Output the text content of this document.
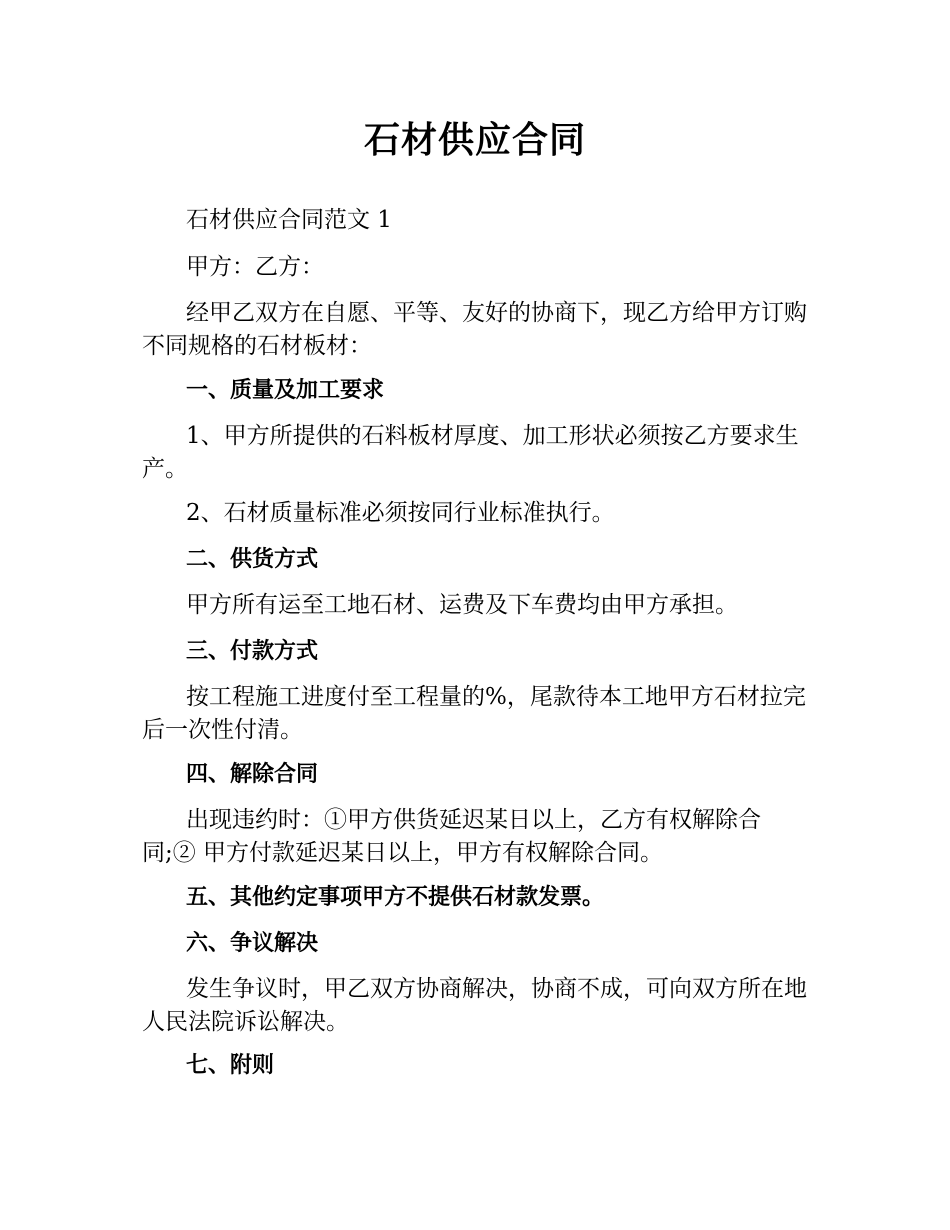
石材供应合同

石材供应合同范文 1

甲方：乙方：

经甲乙双方在自愿、平等、友好的协商下，现乙方给甲方订购不同规格的石材板材：

一、质量及加工要求

1、甲方所提供的石料板材厚度、加工形状必须按乙方要求生产。

2、石材质量标准必须按同行业标准执行。

二、供货方式

甲方所有运至工地石材、运费及下车费均由甲方承担。

三、付款方式

按工程施工进度付至工程量的%，尾款待本工地甲方石材拉完后一次性付清。

四、解除合同

出现违约时：①甲方供货延迟某日以上，乙方有权解除合同;② 甲方付款延迟某日以上，甲方有权解除合同。

五、其他约定事项甲方不提供石材款发票。
六、争议解决

发生争议时，甲乙双方协商解决，协商不成，可向双方所在地人民法院诉讼解决。

七、附则
